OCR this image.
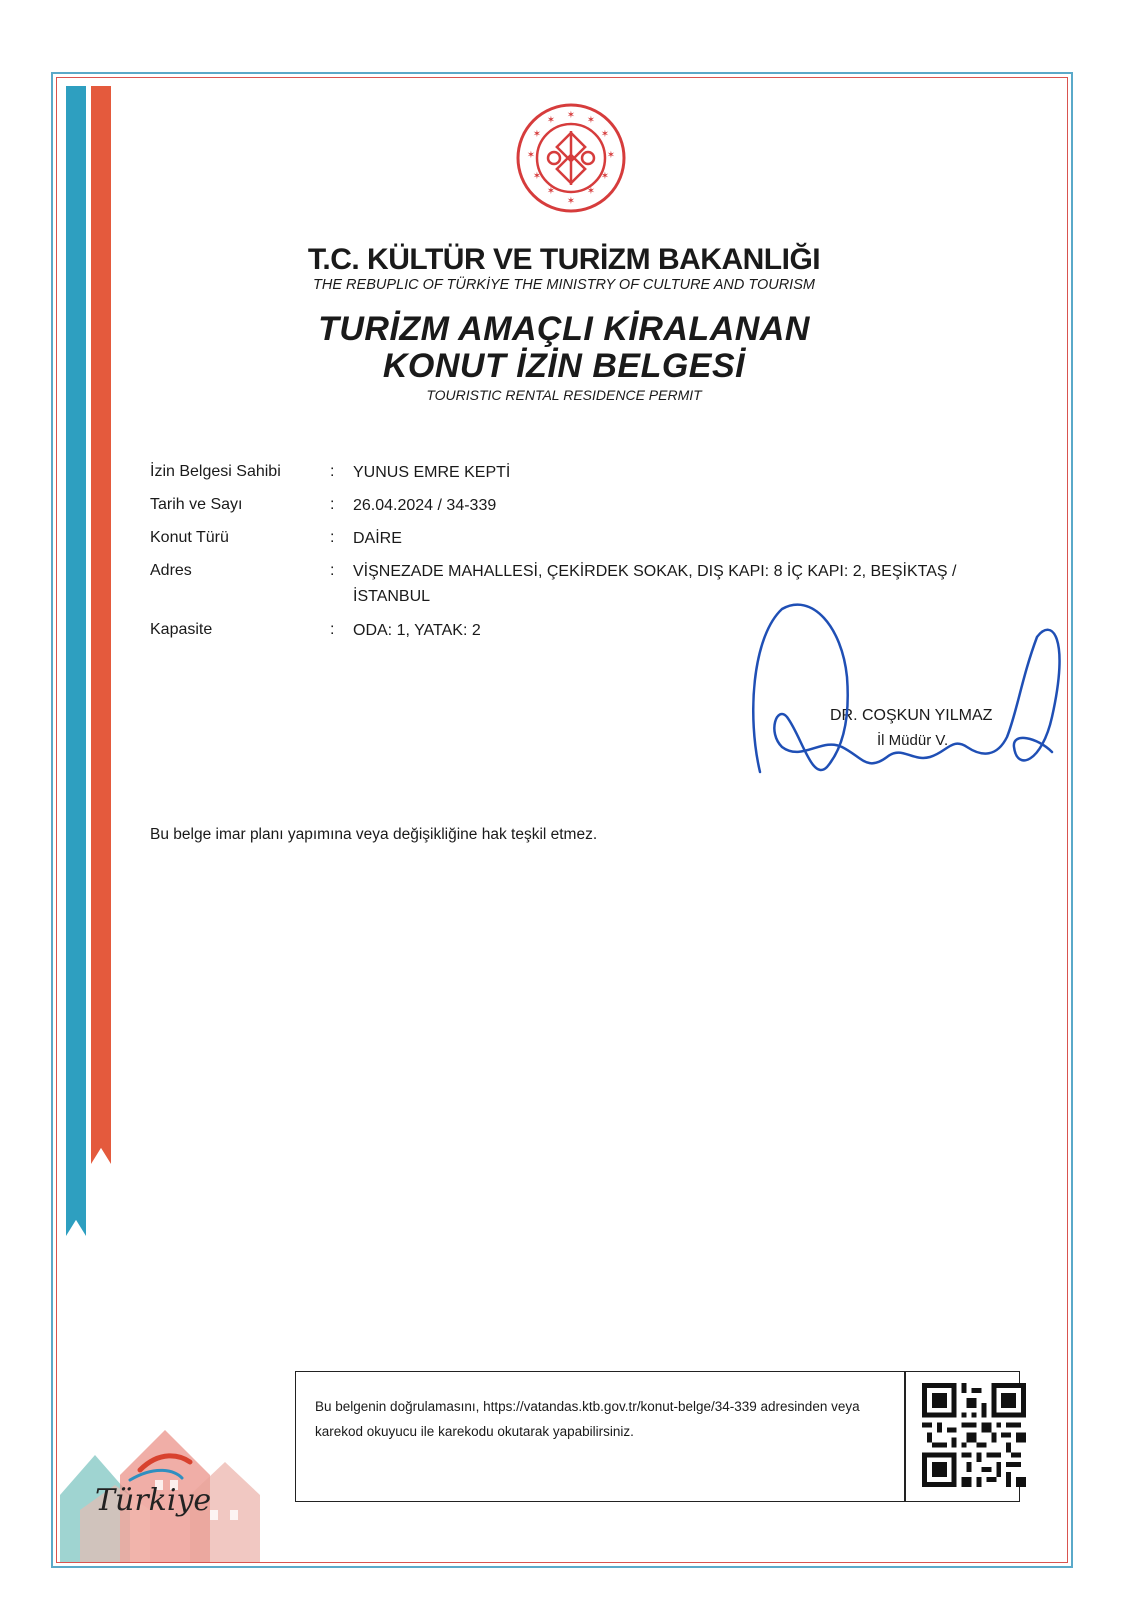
✶ ✶
✶
✶
✶
✶
✶
✶
✶
✶
✶
✶
T.C. KÜLTÜR VE TURİZM BAKANLIĞI
THE REBUPLIC OF TÜRKİYE THE MINISTRY OF CULTURE AND TOURISM
TURİZM AMAÇLI KİRALANAN
KONUT İZİN BELGESİ
TOURISTIC RENTAL RESIDENCE PERMIT
İzin Belgesi Sahibi	: YUNUS EMRE KEPTİ
Tarih ve Sayı	: 26.04.2024 / 34-339
Konut Türü	: DAİRE
Adres	: VİŞNEZADE MAHALLESİ, ÇEKİRDEK SOKAK, DIŞ KAPI: 8 İÇ KAPI: 2, BEŞİKTAŞ / İSTANBUL
Kapasite	: ODA: 1, YATAK: 2
DR. COŞKUN YILMAZ
İl Müdür V.
Bu belge imar planı yapımına veya değişikliğine hak teşkil etmez.
Bu belgenin doğrulamasını, https://vatandas.ktb.gov.tr/konut-belge/34-339 adresinden veya karekod okuyucu ile karekodu okutarak yapabilirsiniz.
Türkiye
